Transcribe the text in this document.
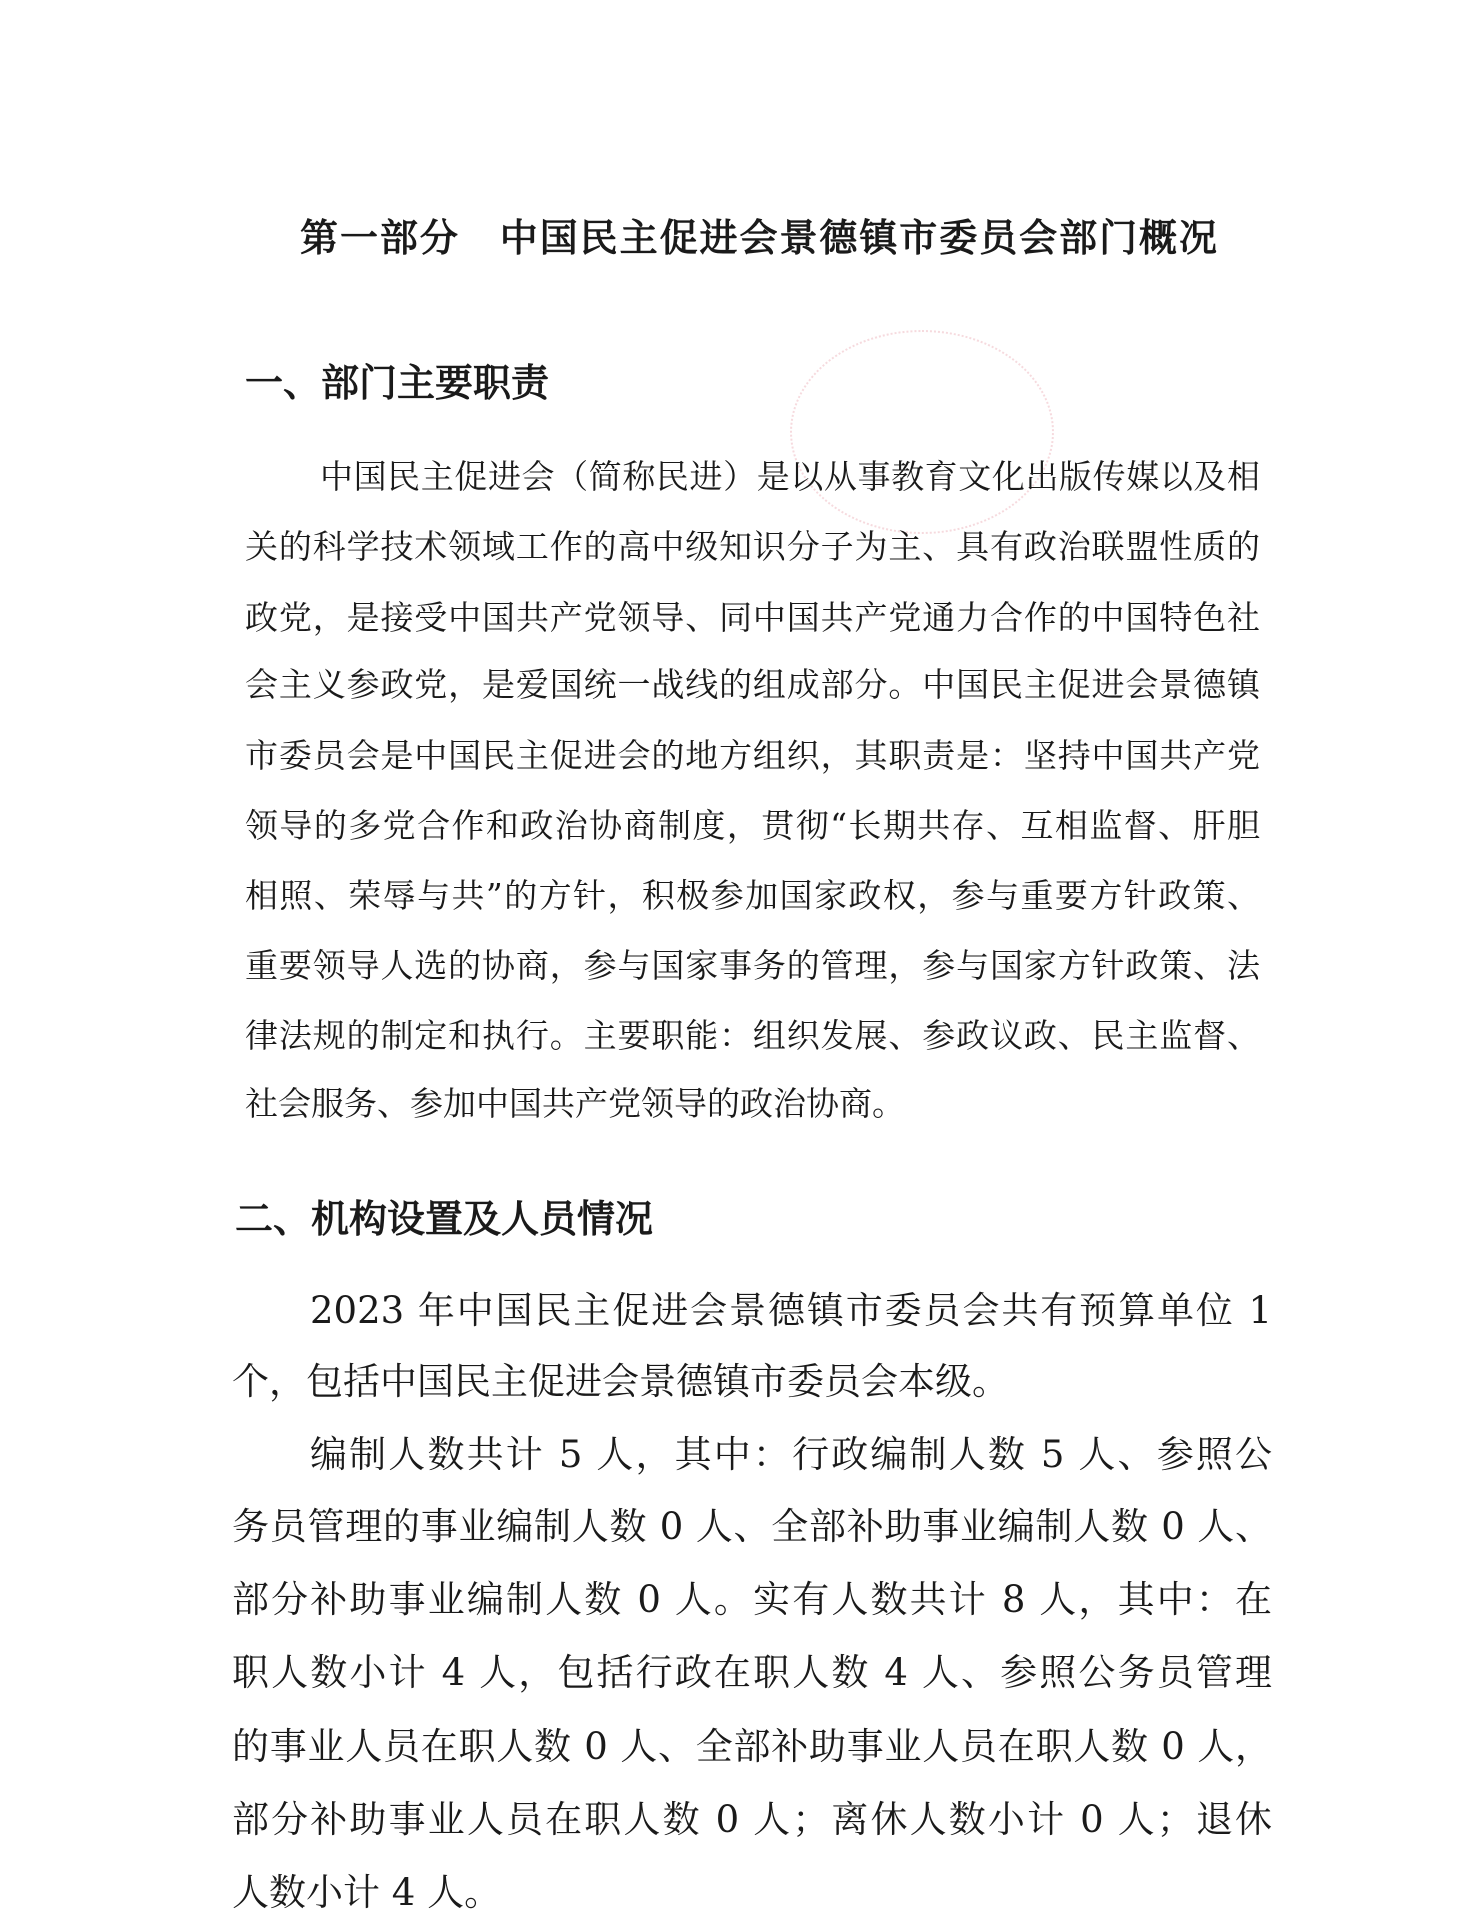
第一部分　中国民主促进会景德镇市委员会部门概况
一、部门主要职责
中国民主促进会（简称民进）是以从事教育文化出版传媒以及相
关的科学技术领域工作的高中级知识分子为主、具有政治联盟性质的
政党，是接受中国共产党领导、同中国共产党通力合作的中国特色社
会主义参政党，是爱国统一战线的组成部分。中国民主促进会景德镇
市委员会是中国民主促进会的地方组织，其职责是：坚持中国共产党
领导的多党合作和政治协商制度，贯彻“长期共存、互相监督、肝胆
相照、荣辱与共”的方针，积极参加国家政权，参与重要方针政策、
重要领导人选的协商，参与国家事务的管理，参与国家方针政策、法
律法规的制定和执行。主要职能：组织发展、参政议政、民主监督、
社会服务、参加中国共产党领导的政治协商。
二、机构设置及人员情况
2023 年中国民主促进会景德镇市委员会共有预算单位 1
个，包括中国民主促进会景德镇市委员会本级。
编制人数共计 5 人，其中：行政编制人数 5 人、参照公
务员管理的事业编制人数 0 人、全部补助事业编制人数 0 人、
部分补助事业编制人数 0 人。实有人数共计 8 人，其中：在
职人数小计 4 人，包括行政在职人数 4 人、参照公务员管理
的事业人员在职人数 0 人、全部补助事业人员在职人数 0 人，
部分补助事业人员在职人数 0 人；离休人数小计 0 人；退休
人数小计 4 人。
